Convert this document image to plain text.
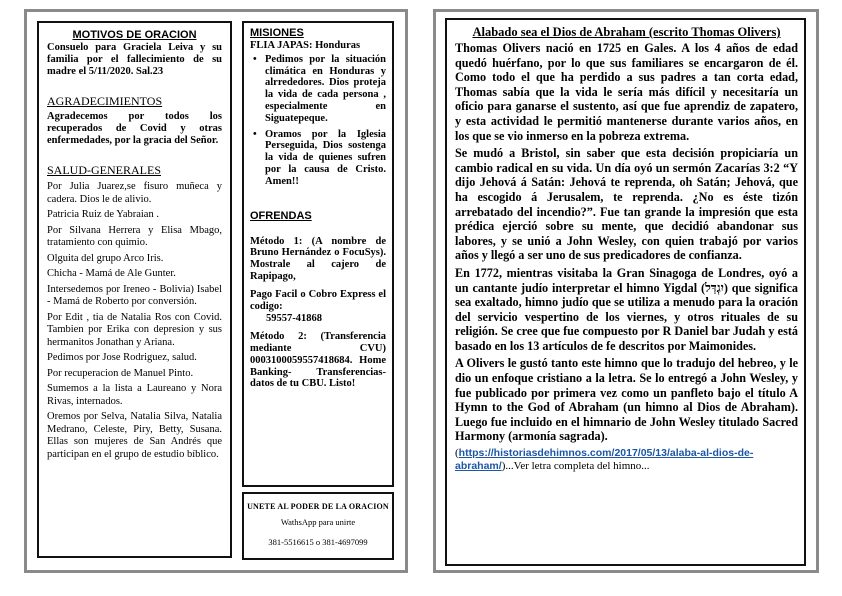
MOTIVOS DE ORACION
Consuelo para Graciela Leiva y su familia por el fallecimiento de su madre el 5/11/2020. Sal.23
AGRADECIMIENTOS
Agradecemos por todos los recuperados de Covid y otras enfermedades, por la gracia del Señor.
SALUD-GENERALES
Por Julia Juarez,se fisuro muñeca y cadera. Dios le de alivio.
Patricia Ruiz de Yabraian .
Por Silvana Herrera y Elisa Mbago, tratamiento con quimio.
Olguita del grupo Arco Iris.
Chicha - Mamá de Ale Gunter.
Intersedemos por Ireneo - Bolivia) Isabel - Mamá de Roberto por conversión.
Por Edit , tia de Natalia Ros con Covid. Tambien por Erika con depresion y sus hermanitos Jonathan y Ariana.
Pedimos por Jose Rodriguez, salud.
Por recuperacion de Manuel Pinto.
Sumemos a la lista a Laureano y Nora Rivas, internados.
Oremos por Selva, Natalia Silva, Natalia Medrano, Celeste, Piry, Betty, Susana. Ellas son mujeres de San Andrés que participan en el grupo de estudio bíblico.
MISIONES
FLIA JAPAS: Honduras
• Pedimos por la situación climática en Honduras y alrrededores. Dios proteja la vida de cada persona , especialmente en Siguatepeque.
• Oramos por la Iglesia Perseguida, Dios sostenga la vida de quienes sufren por la causa de Cristo. Amen!!
OFRENDAS
Método 1: (A nombre de Bruno Hernández o FocuSys). Mostrale al cajero de Rapipago,
Pago Facil o Cobro Express el codigo:
59557-41868
Método 2: (Transferencia mediante CVU) 0003100059557418684. Home Banking- Transferencias- datos de tu CBU. Listo!
UNETE AL PODER DE LA ORACION
WathsApp para unirte
381-5516615 o 381-4697099
Alabado sea el Dios de Abraham (escrito Thomas Olivers)
Thomas Olivers nació en 1725 en Gales. A los 4 años de edad quedó huérfano, por lo que sus familiares se encargaron de él. Como todo el que ha perdido a sus padres a tan corta edad, Thomas sabía que la vida le sería más difícil y necesitaría un oficio para ganarse el sustento, así que fue aprendiz de zapatero, y esta actividad le permitió mantenerse durante varios años, en los que se vio inmerso en la pobreza extrema.
Se mudó a Bristol, sin saber que esta decisión propiciaría un cambio radical en su vida. Un día oyó un sermón Zacarías 3:2 “Y dijo Jehová á Satán: Jehová te reprenda, oh Satán; Jehová, que ha escogido á Jerusalem, te reprenda. ¿No es éste tizón arrebatado del incendio?”. Fue tan grande la impresión que esta prédica ejerció sobre su mente, que decidió abandonar sus labores, y se unió a John Wesley, con quien trabajó por varios años y llegó a ser uno de sus predicadores de confianza.
En 1772, mientras visitaba la Gran Sinagoga de Londres, oyó a un cantante judío interpretar el himno Yigdal (יִגְדַּל) que significa sea exaltado, himno judío que se utiliza a menudo para la oración del servicio vespertino de los viernes, y otros rituales de su religión. Se cree que fue compuesto por R Daniel bar Judah y está basado en los 13 artículos de fe descritos por Maimonides.
A Olivers le gustó tanto este himno que lo tradujo del hebreo, y le dio un enfoque cristiano a la letra. Se lo entregó a John Wesley, y fue publicado por primera vez como un panfleto bajo el título A Hymn to the God of Abraham (un himno al Dios de Abraham). Luego fue incluido en el himnario de John Wesley titulado Sacred Harmony (armonía sagrada).
(https://historiasdehimnos.com/2017/05/13/alaba-al-dios-de-abraham/)...Ver letra completa del himno...
